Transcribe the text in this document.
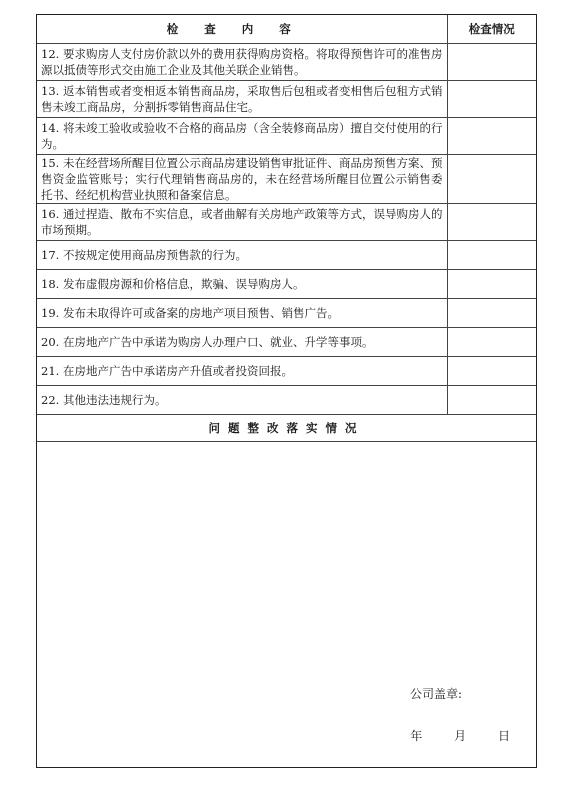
检查内容	检查情况
12. 要求购房人支付房价款以外的费用获得购房资格。将取得预售许可的准售房源以抵债等形式交由施工企业及其他关联企业销售。	
13. 返本销售或者变相返本销售商品房，采取售后包租或者变相售后包租方式销售未竣工商品房，分割拆零销售商品住宅。	
14. 将未竣工验收或验收不合格的商品房（含全装修商品房）擅自交付使用的行为。	
15. 未在经营场所醒目位置公示商品房建设销售审批证件、商品房预售方案、预售资金监管账号；实行代理销售商品房的，未在经营场所醒目位置公示销售委托书、经纪机构营业执照和备案信息。	
16. 通过捏造、散布不实信息，或者曲解有关房地产政策等方式，误导购房人的市场预期。	
17. 不按规定使用商品房预售款的行为。	
18. 发布虚假房源和价格信息，欺骗、误导购房人。	
19. 发布未取得许可或备案的房地产项目预售、销售广告。	
20. 在房地产广告中承诺为购房人办理户口、就业、升学等事项。	
21. 在房地产广告中承诺房产升值或者投资回报。	
22. 其他违法违规行为。	
问题整改落实情况	

公司盖章:
年 月 日	
